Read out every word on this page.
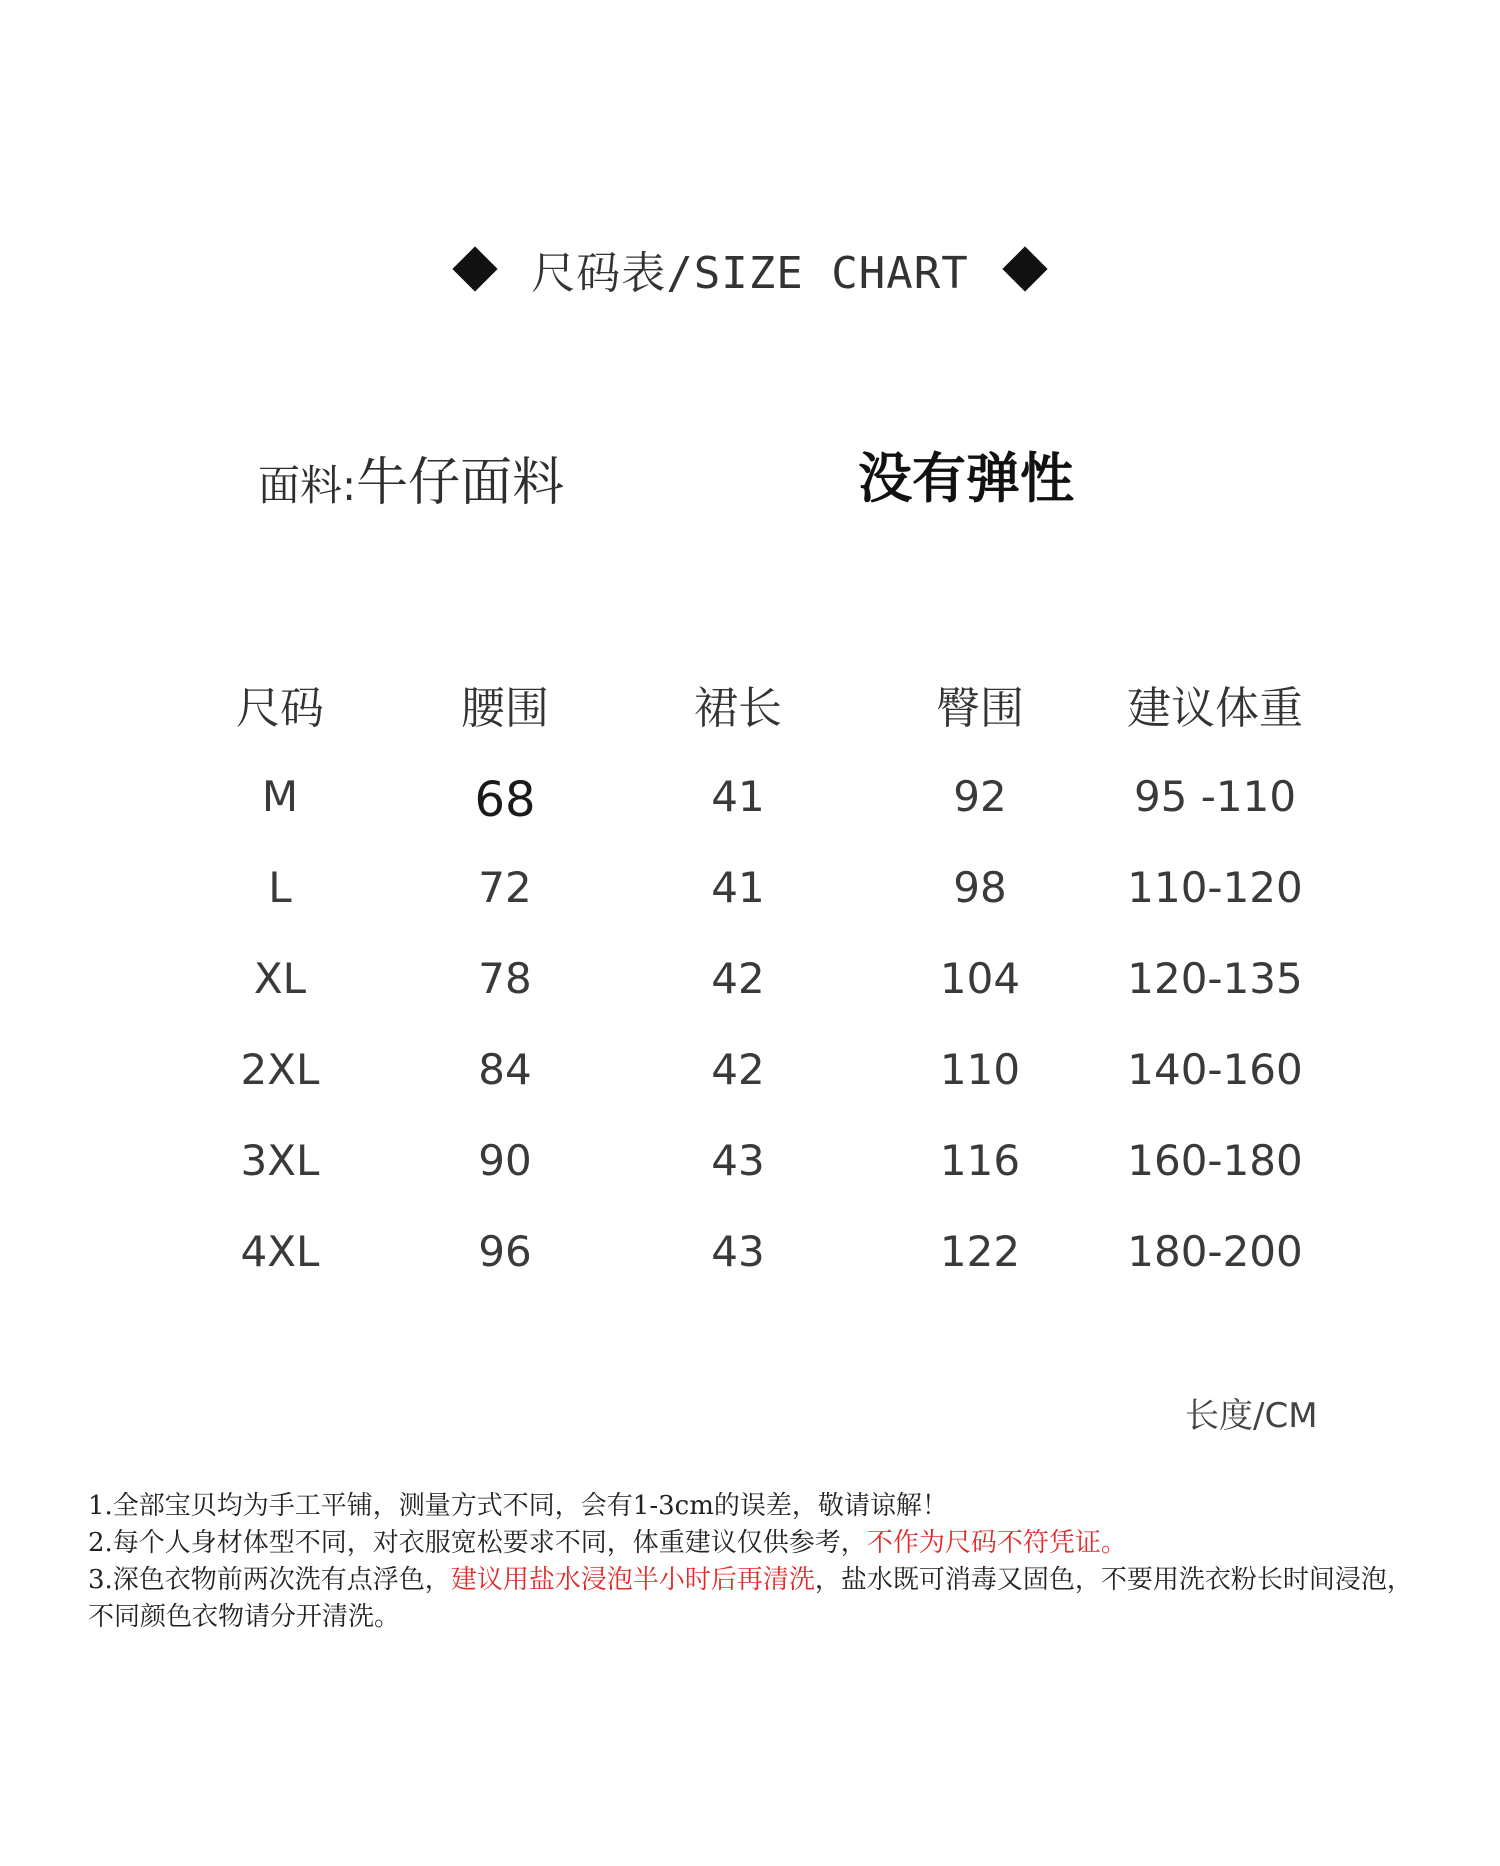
尺码表/SIZE CHART
面料:牛仔面料	没有弹性
尺码	腰围	裙长	臀围	建议体重
M	68	41	92	95 -110
L	72	41	98	110-120
XL	78	42	104	120-135
2XL	84	42	110	140-160
3XL	90	43	116	160-180
4XL	96	43	122	180-200
长度/CM

1.全部宝贝均为手工平铺，测量方式不同，会有1-3cm的误差，敬请谅解！

2.每个人身材体型不同，对衣服宽松要求不同，体重建议仅供参考，不作为尺码不符凭证。

3.深色衣物前两次洗有点浮色，建议用盐水浸泡半小时后再清洗，盐水既可消毒又固色，不要用洗衣粉长时间浸泡，不同颜色衣物请分开清洗。
